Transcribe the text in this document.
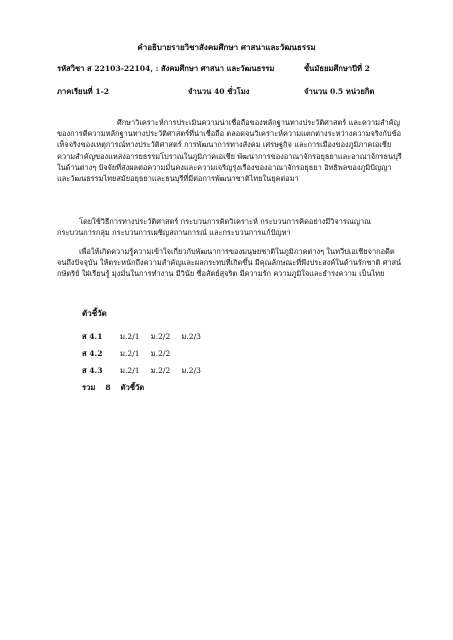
คำอธิบายรายวิชาสังคมศึกษา ศาสนาและวัฒนธรรม
รหัสวิชา ส 22103-22104, : สังคมศึกษา ศาสนา และวัฒนธรรม	ชั้นมัธยมศึกษาปีที่ 2
ภาคเรียนที่ 1-2	จำนวน 40 ชั่วโมง	จำนวน 0.5 หน่วยกิต
ศึกษาวิเคราะห์การประเมินความน่าเชื่อถือของหลักฐานทางประวัติศาสตร์ และความสำคัญของการตีความหลักฐานทางประวัติศาสตร์ที่น่าเชื่อถือ ตลอดจนวิเคราะห์ความแตกต่างระหว่างความจริงกับข้อเท็จจริงของเหตุการณ์ทางประวัติศาสตร์ การพัฒนาการทางสังคม เศรษฐกิจ และการเมืองของภูมิภาคเอเชีย ความสำคัญของแหล่งอารยธรรมโบราณในภูมิภาคเอเชีย พัฒนาการของอาณาจักรอยุธยาและอาณาจักรธนบุรีในด้านต่างๆ ปัจจัยที่ส่งผลต่อความมั่นคงและความเจริญรุ่งเรืองของอาณาจักรอยุธยา อิทธิพลของภูมิปัญญาและวัฒนธรรมไทยสมัยอยุธยาและธนบุรีที่มีต่อการพัฒนาชาติไทยในยุคต่อมา
โดยใช้วิธีการทางประวัติศาสตร์ กระบวนการคิดวิเคราะห์ กระบวนการคิดอย่างมีวิจารณญาณ กระบวนการกลุ่ม กระบวนการเผชิญสถานการณ์ และกระบวนการแก้ปัญหา
เพื่อให้เกิดความรู้ความเข้าใจเกี่ยวกับพัฒนาการของมนุษยชาติในภูมิภาคต่างๆ ในทวีปเอเชียจากอดีตจนถึงปัจจุบัน ให้ตระหนักถึงความสำคัญและผลกระทบที่เกิดขึ้น มีคุณลักษณะที่พึงประสงค์ในด้านรักชาติ ศาสน์ กษัตริย์ ใฝ่เรียนรู้ มุ่งมั่นในการทำงาน มีวินัย ซื่อสัตย์สุจริต มีความรัก ความภูมิใจและธำรงความ เป็นไทย
ตัวชี้วัด
ส 4.1	ม.2/1 ม.2/2 ม.2/3
ส 4.2	ม.2/1 ม.2/2
ส 4.3	ม.2/1 ม.2/2 ม.2/3
รวม 8 ตัวชี้วัด
